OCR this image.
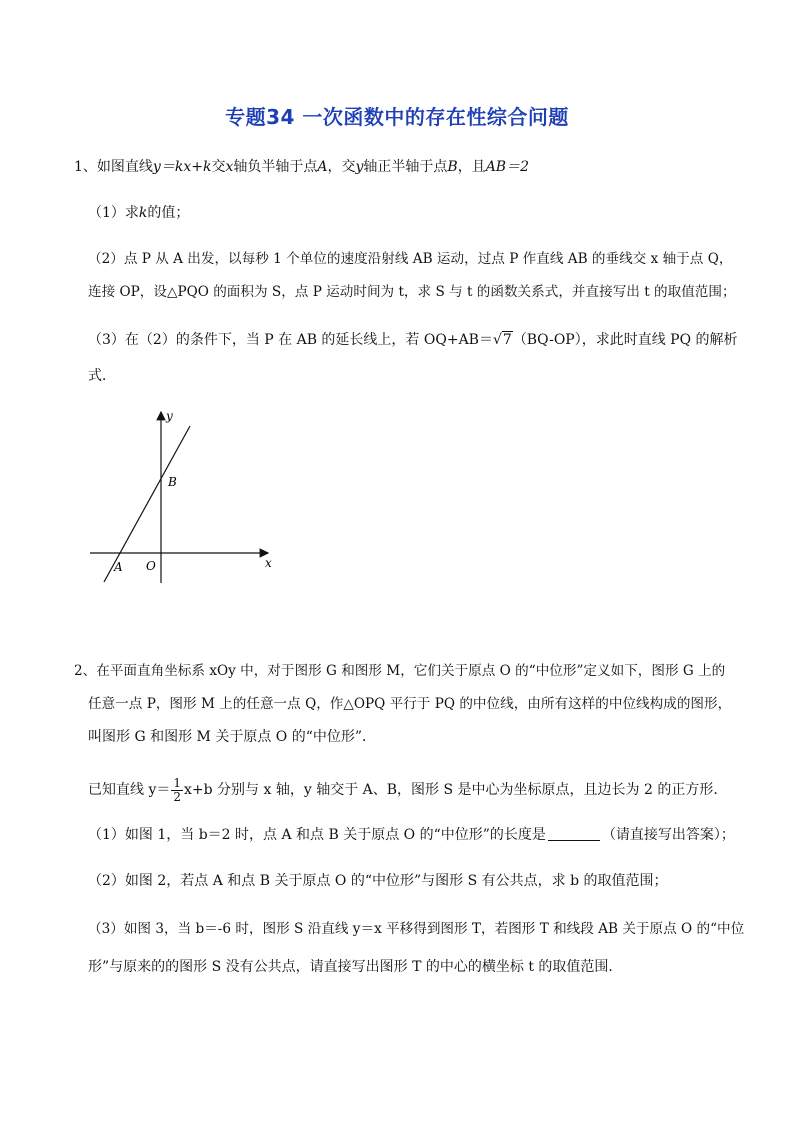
专题34 一次函数中的存在性综合问题
1、如图直线y＝kx+k交x轴负半轴于点A，交y轴正半轴于点B，且AB＝2
（1）求k的值；
（2）点 P 从 A 出发，以每秒 1 个单位的速度沿射线 AB 运动，过点 P 作直线 AB 的垂线交 x 轴于点 Q，
连接 OP，设△PQO 的面积为 S，点 P 运动时间为 t，求 S 与 t 的函数关系式，并直接写出 t 的取值范围；
（3）在（2）的条件下，当 P 在 AB 的延长线上，若 OQ+AB＝√7（BQ-OP），求此时直线 PQ 的解析
式．
y
x
B
A O
2、在平面直角坐标系 xOy 中，对于图形 G 和图形 M，它们关于原点 O 的“中位形”定义如下，图形 G 上的
任意一点 P，图形 M 上的任意一点 Q，作△OPQ 平行于 PQ 的中位线，由所有这样的中位线构成的图形，
叫图形 G 和图形 M 关于原点 O 的“中位形”．
已知直线 $y= \frac{1}{2} x+b$ 分别与 x 轴，y 轴交于 A、B，图形 S 是中心为坐标原点，且边长为 2 的正方形．
（1）如图 1，当 b＝2 时，点 A 和点 B 关于原点 O 的“中位形”的长度是	（请直接写出答案）；
（2）如图 2，若点 A 和点 B 关于原点 O 的“中位形”与图形 S 有公共点，求 b 的取值范围；
（3）如图 3，当 b＝-6 时，图形 S 沿直线 y＝x 平移得到图形 T，若图形 T 和线段 AB 关于原点 O 的“中位
形”与原来的的图形 S 没有公共点，请直接写出图形 T 的中心的横坐标 t 的取值范围．
